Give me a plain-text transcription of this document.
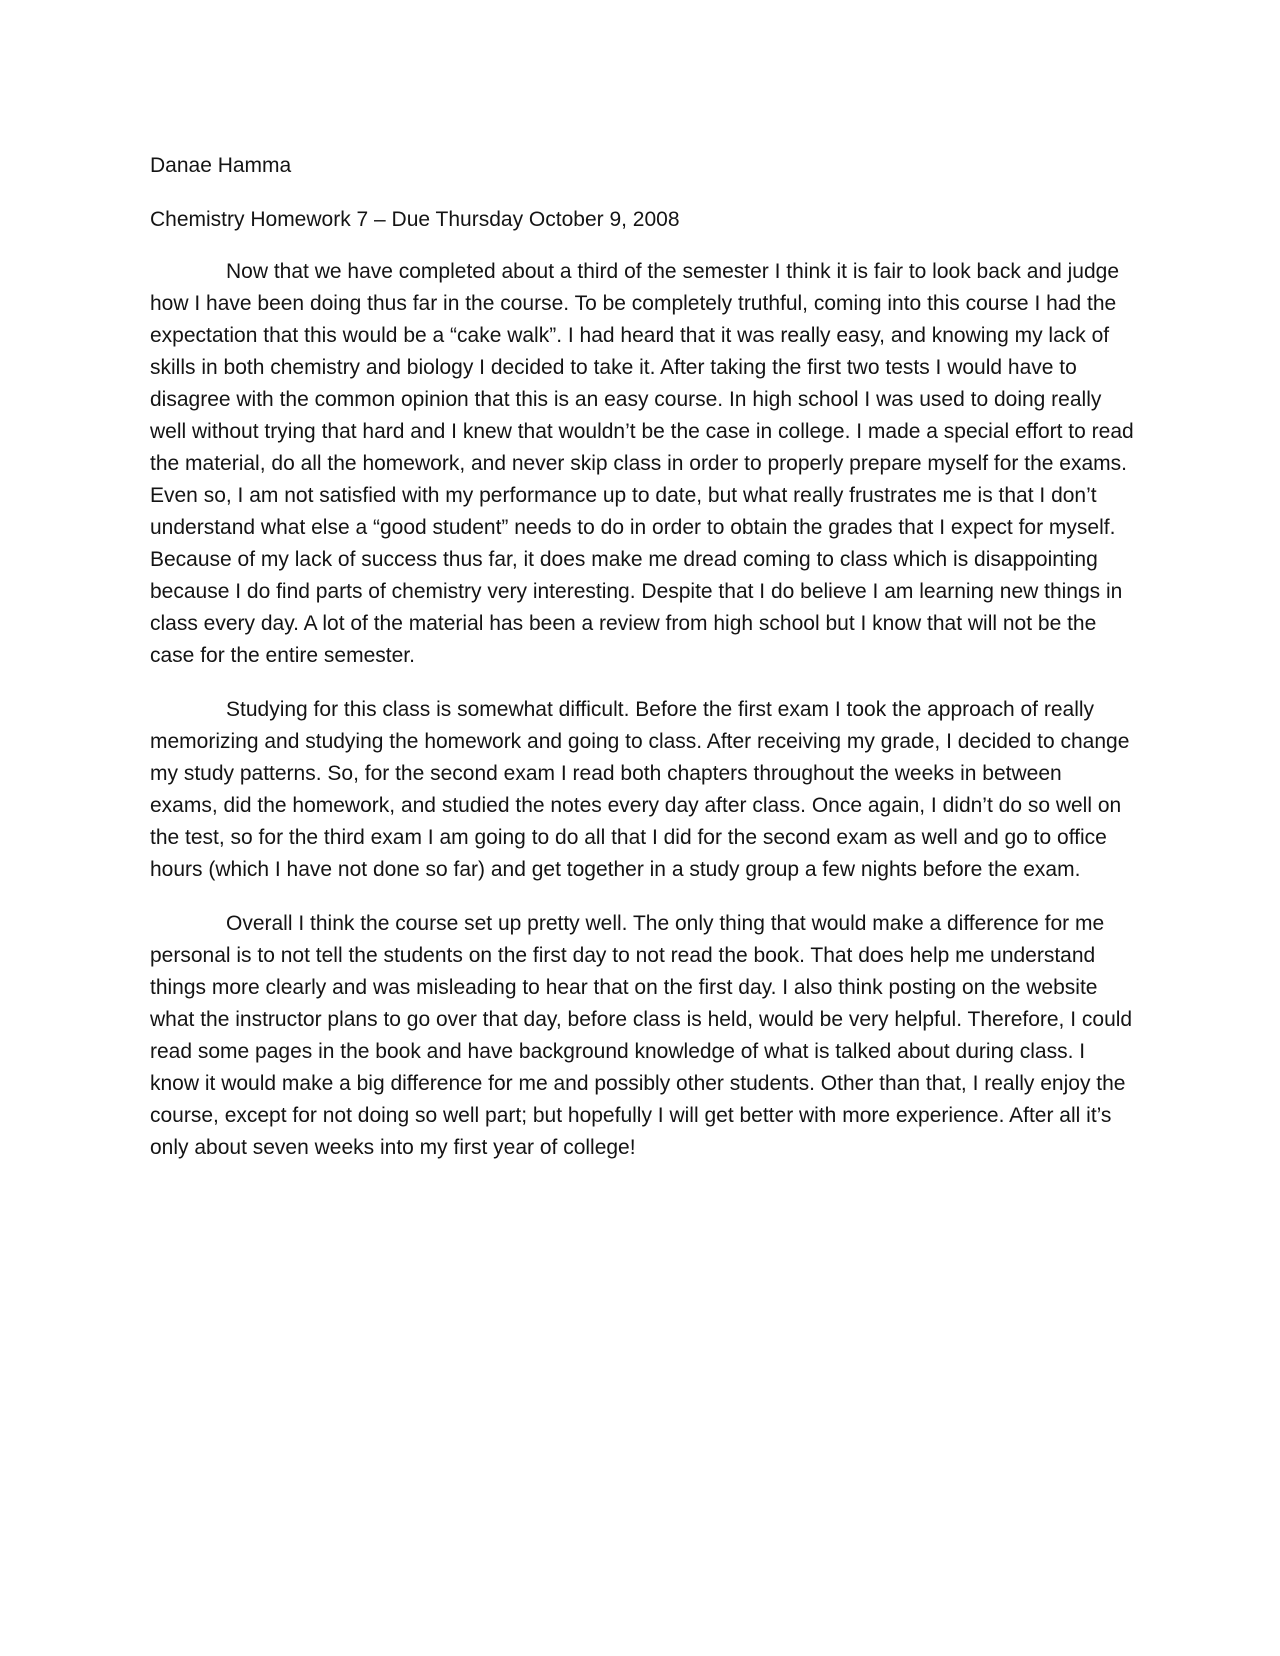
Danae Hamma
Chemistry Homework 7 – Due Thursday October 9, 2008

Now that we have completed about a third of the semester I think it is fair to look back and judge how I have been doing thus far in the course. To be completely truthful, coming into this course I had the expectation that this would be a “cake walk”. I had heard that it was really easy, and knowing my lack of skills in both chemistry and biology I decided to take it. After taking the first two tests I would have to disagree with the common opinion that this is an easy course. In high school I was used to doing really well without trying that hard and I knew that wouldn’t be the case in college. I made a special effort to read the material, do all the homework, and never skip class in order to properly prepare myself for the exams. Even so, I am not satisfied with my performance up to date, but what really frustrates me is that I don’t understand what else a “good student” needs to do in order to obtain the grades that I expect for myself. Because of my lack of success thus far, it does make me dread coming to class which is disappointing because I do find parts of chemistry very interesting. Despite that I do believe I am learning new things in class every day. A lot of the material has been a review from high school but I know that will not be the case for the entire semester.

Studying for this class is somewhat difficult. Before the first exam I took the approach of really memorizing and studying the homework and going to class. After receiving my grade, I decided to change my study patterns. So, for the second exam I read both chapters throughout the weeks in between exams, did the homework, and studied the notes every day after class. Once again, I didn’t do so well on the test, so for the third exam I am going to do all that I did for the second exam as well and go to office hours (which I have not done so far) and get together in a study group a few nights before the exam.

Overall I think the course set up pretty well. The only thing that would make a difference for me personal is to not tell the students on the first day to not read the book. That does help me understand things more clearly and was misleading to hear that on the first day. I also think posting on the website what the instructor plans to go over that day, before class is held, would be very helpful. Therefore, I could read some pages in the book and have background knowledge of what is talked about during class. I know it would make a big difference for me and possibly other students. Other than that, I really enjoy the course, except for not doing so well part; but hopefully I will get better with more experience. After all it’s only about seven weeks into my first year of college!
